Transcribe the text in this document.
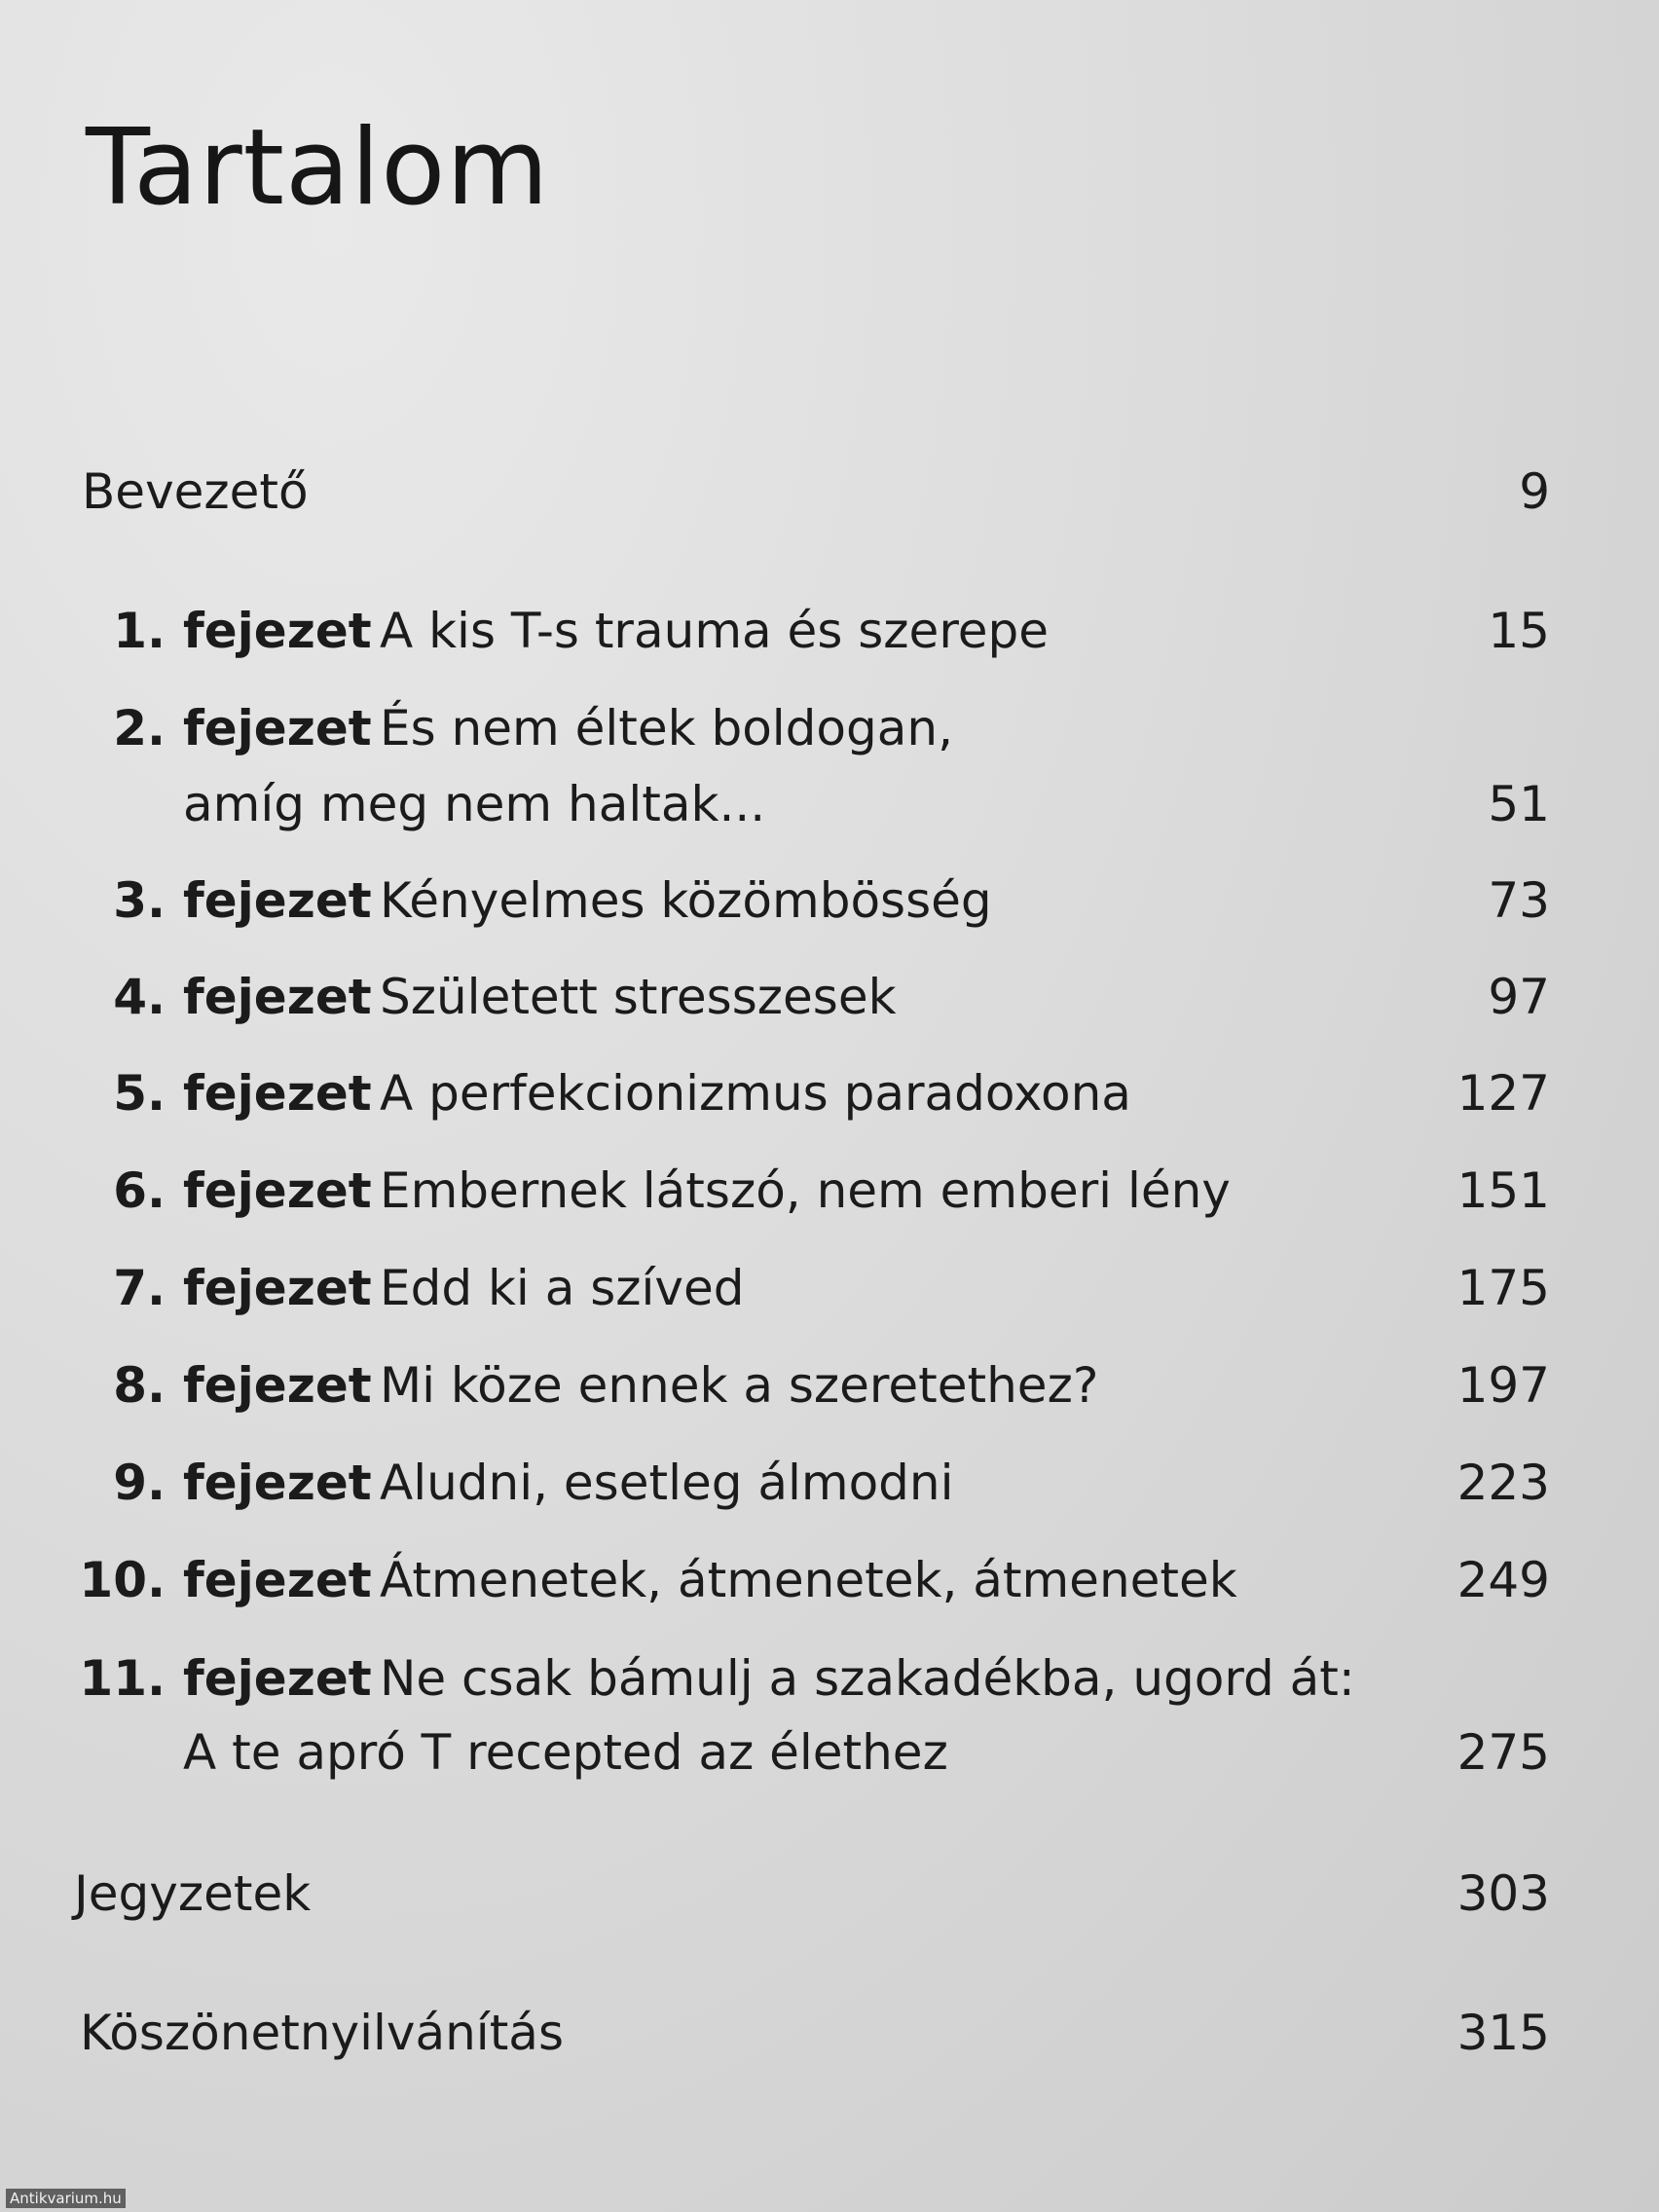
Tartalom
Bevezető	9
1. fejezet A kis T-s trauma és szerepe	15
2. fejezet És nem éltek boldogan,
amíg meg nem haltak...	51
3. fejezet Kényelmes közömbösség	73
4. fejezet Született stresszesek	97
5. fejezet A perfekcionizmus paradoxona	127
6. fejezet Embernek látszó, nem emberi lény	151
7. fejezet Edd ki a szíved	175
8. fejezet Mi köze ennek a szeretethez?	197
9. fejezet Aludni, esetleg álmodni	223
10. fejezet Átmenetek, átmenetek, átmenetek	249
11. fejezet Ne csak bámulj a szakadékba, ugord át:
A te apró T recepted az élethez	275
Jegyzetek	303
Köszönetnyilvánítás	315
Antikvarium.hu
